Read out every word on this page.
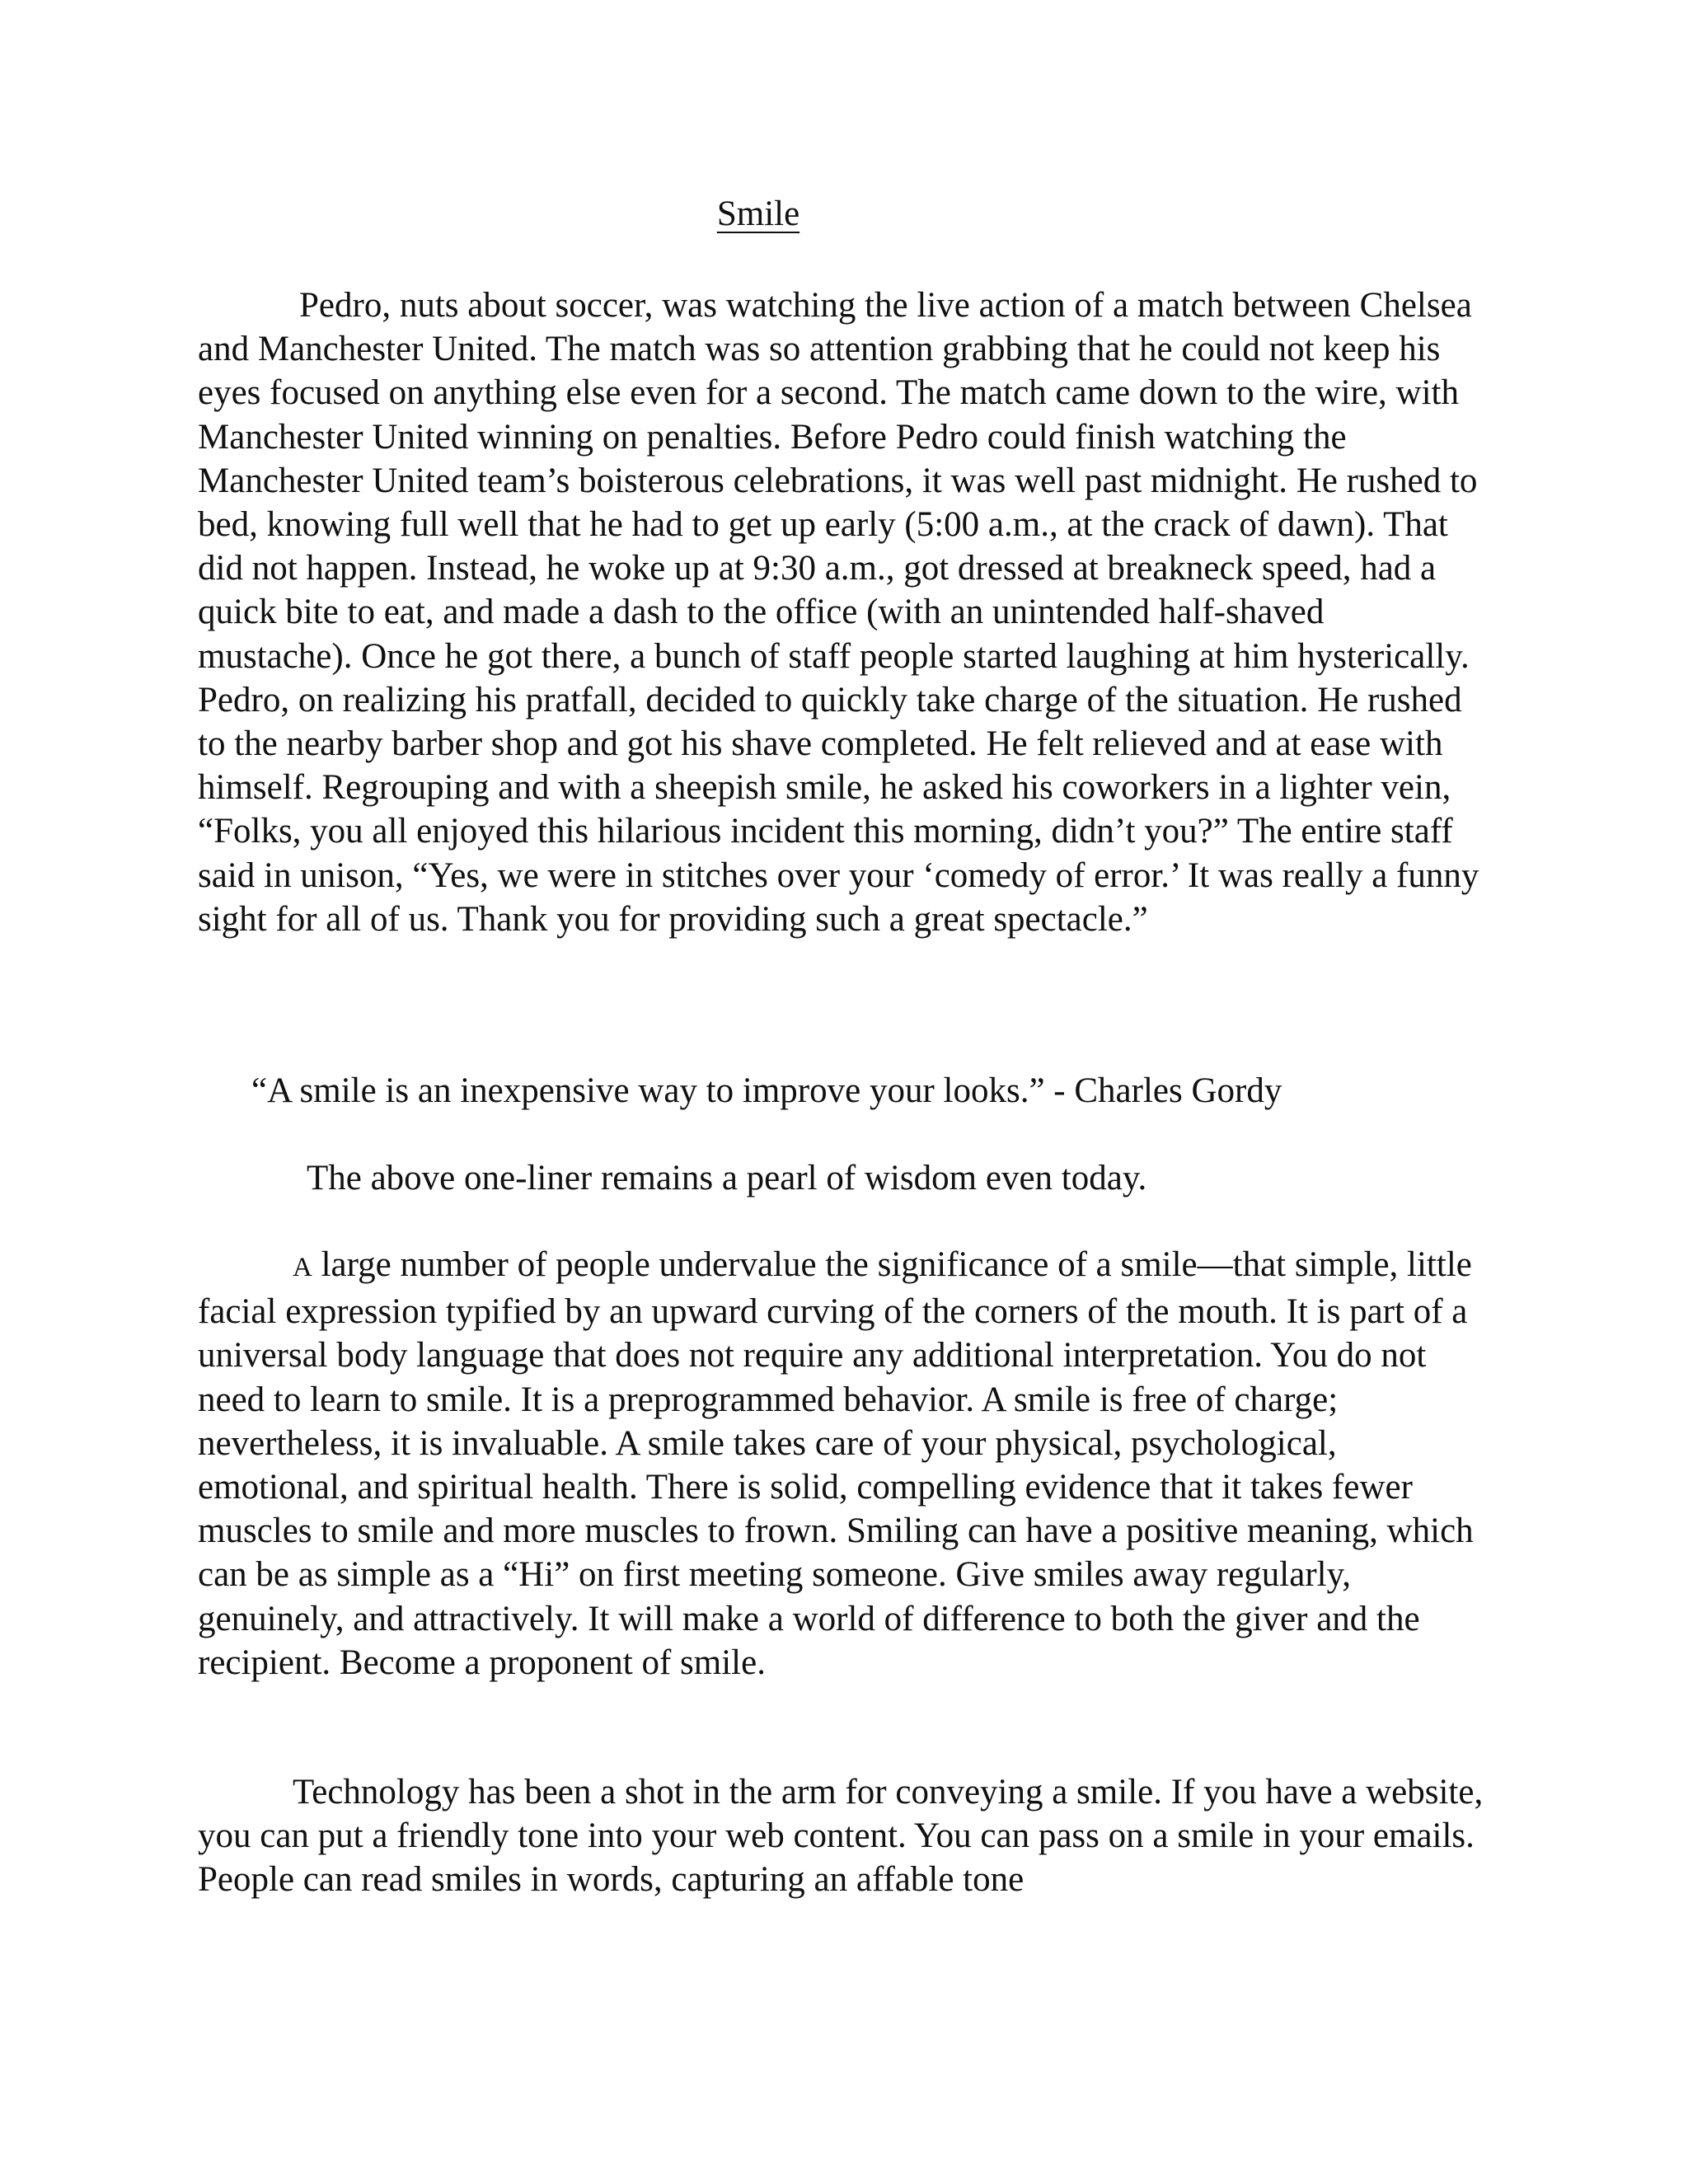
Smile

Pedro, nuts about soccer, was watching the live action of a match between Chelsea and Manchester United. The match was so attention grabbing that he could not keep his eyes focused on anything else even for a second. The match came down to the wire, with Manchester United winning on penalties. Before Pedro could finish watching the Manchester United team’s boisterous celebrations, it was well past midnight. He rushed to bed, knowing full well that he had to get up early (5:00 a.m., at the crack of dawn). That did not happen. Instead, he woke up at 9:30 a.m., got dressed at breakneck speed, had a quick bite to eat, and made a dash to the office (with an unintended half-shaved mustache). Once he got there, a bunch of staff people started laughing at him hysterically. Pedro, on realizing his pratfall, decided to quickly take charge of the situation. He rushed to the nearby barber shop and got his shave completed. He felt relieved and at ease with himself. Regrouping and with a sheepish smile, he asked his coworkers in a lighter vein, “Folks, you all enjoyed this hilarious incident this morning, didn’t you?” The entire staff said in unison, “Yes, we were in stitches over your ‘comedy of error.’ It was really a funny sight for all of us. Thank you for providing such a great spectacle.”

“A smile is an inexpensive way to improve your looks.” - Charles Gordy

The above one-liner remains a pearl of wisdom even today.

A large number of people undervalue the significance of a smile—that simple, little facial expression typified by an upward curving of the corners of the mouth. It is part of a universal body language that does not require any additional interpretation. You do not need to learn to smile. It is a preprogrammed behavior. A smile is free of charge; nevertheless, it is invaluable. A smile takes care of your physical, psychological, emotional, and spiritual health. There is solid, compelling evidence that it takes fewer muscles to smile and more muscles to frown. Smiling can have a positive meaning, which can be as simple as a “Hi” on first meeting someone. Give smiles away regularly, genuinely, and attractively. It will make a world of difference to both the giver and the recipient. Become a proponent of smile.

Technology has been a shot in the arm for conveying a smile. If you have a website, you can put a friendly tone into your web content. You can pass on a smile in your emails. People can read smiles in words, capturing an affable tone
